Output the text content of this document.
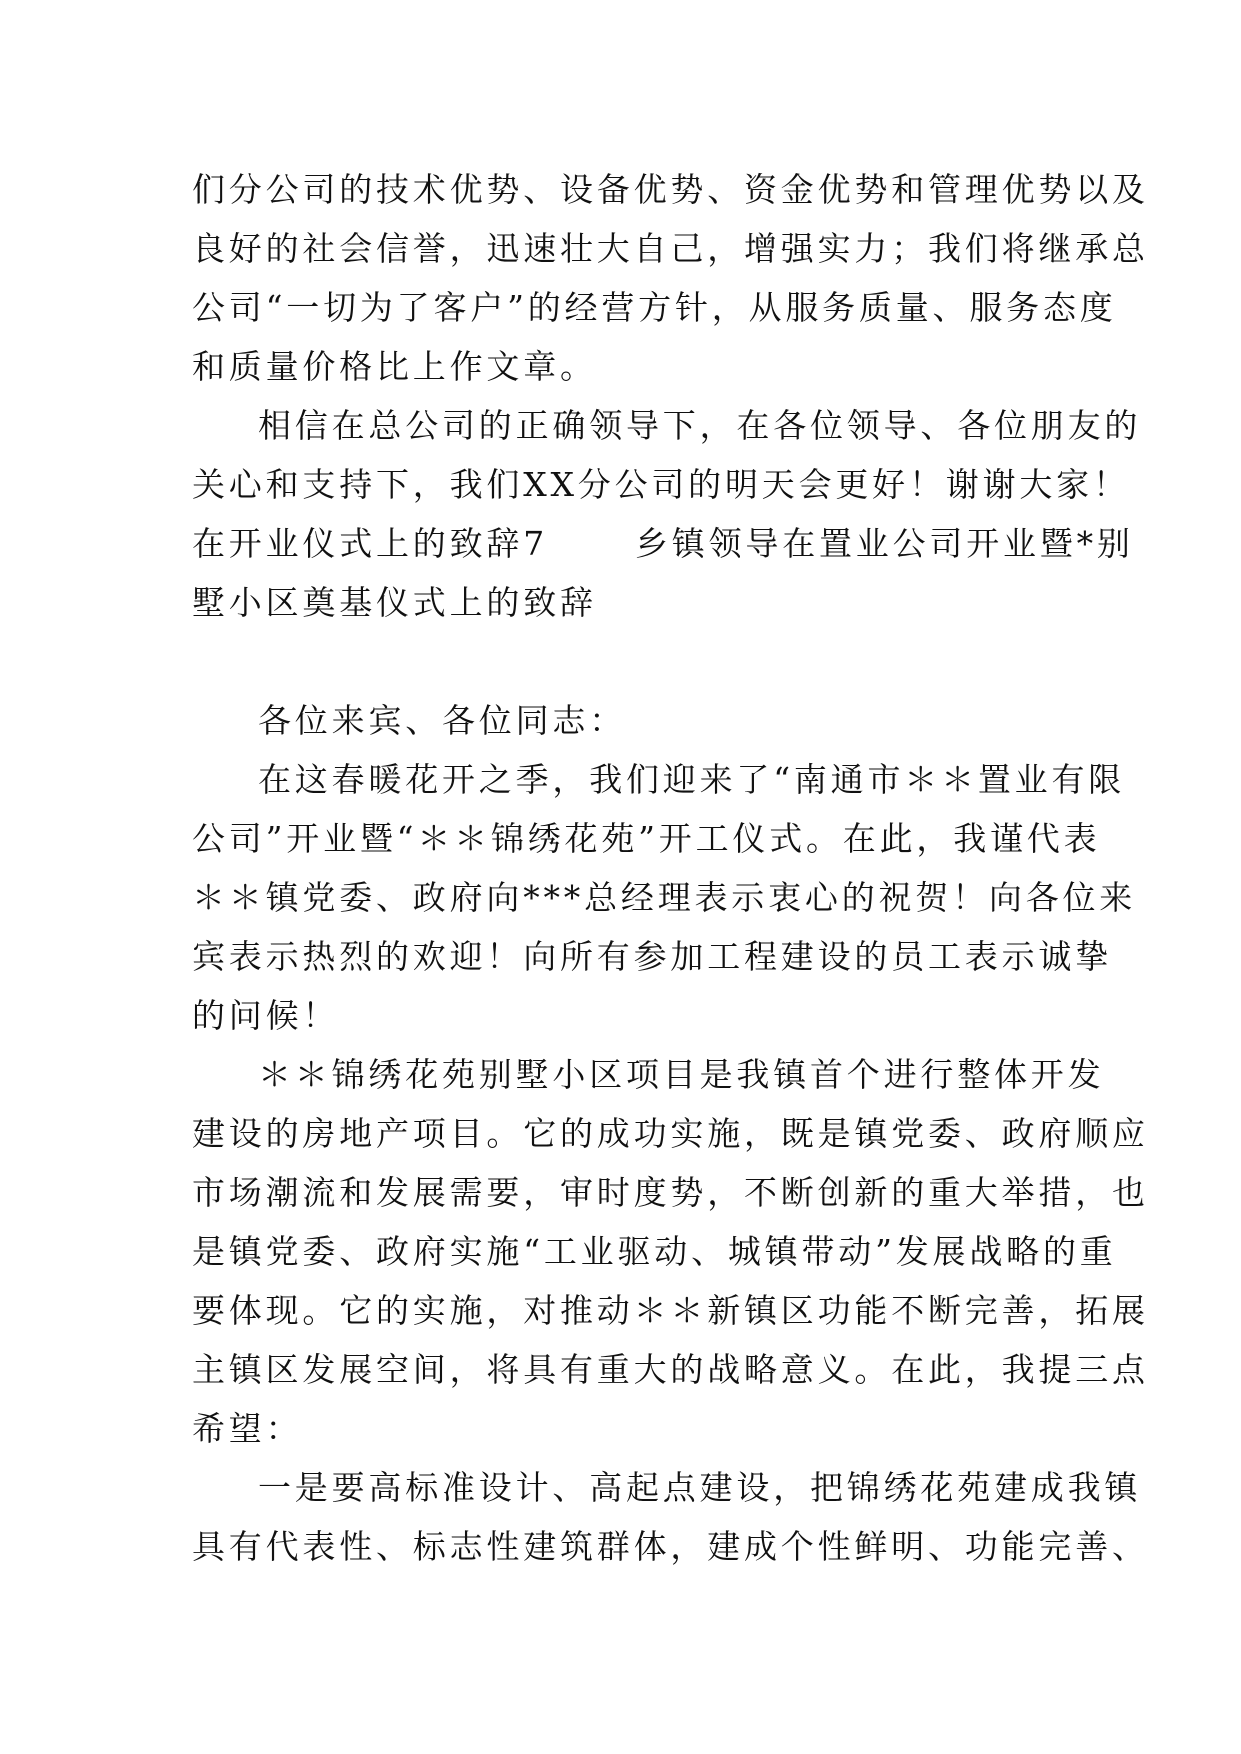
们分公司的技术优势、设备优势、资金优势和管理优势以及
良好的社会信誉，迅速壮大自己，增强实力；我们将继承总
公司“一切为了客户”的经营方针，从服务质量、服务态度
和质量价格比上作文章。
相信在总公司的正确领导下，在各位领导、各位朋友的
关心和支持下，我们XX分公司的明天会更好！谢谢大家！
在开业仪式上的致辞7	乡镇领导在置业公司开业暨*别
墅小区奠基仪式上的致辞
各位来宾、各位同志：
在这春暖花开之季，我们迎来了“南通市＊＊置业有限
公司”开业暨“＊＊锦绣花苑”开工仪式。在此，我谨代表
＊＊镇党委、政府向***总经理表示衷心的祝贺！向各位来
宾表示热烈的欢迎！向所有参加工程建设的员工表示诚挚
的问候！
＊＊锦绣花苑别墅小区项目是我镇首个进行整体开发
建设的房地产项目。它的成功实施，既是镇党委、政府顺应
市场潮流和发展需要，审时度势，不断创新的重大举措，也
是镇党委、政府实施“工业驱动、城镇带动”发展战略的重
要体现。它的实施，对推动＊＊新镇区功能不断完善，拓展
主镇区发展空间，将具有重大的战略意义。在此，我提三点
希望：
一是要高标准设计、高起点建设，把锦绣花苑建成我镇
具有代表性、标志性建筑群体，建成个性鲜明、功能完善、
